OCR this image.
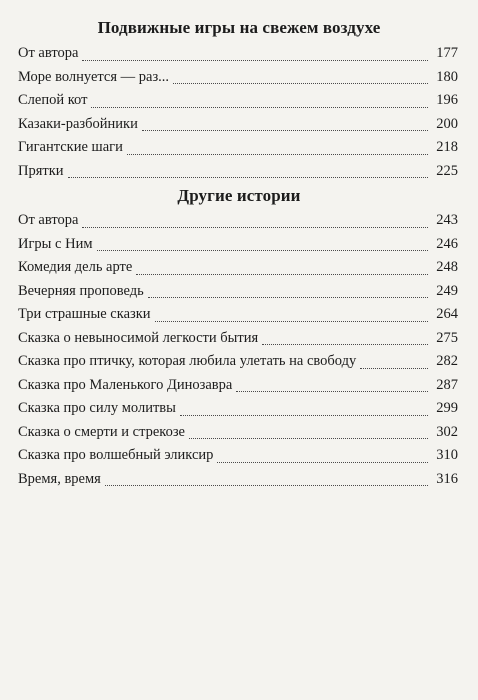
Подвижные игры на свежем воздухе
От автора	177
Море волнуется — раз...	180
Слепой кот	196
Казаки-разбойники	200
Гигантские шаги	218
Прятки	225
Другие истории
От автора	243
Игры с Ним	246
Комедия дель арте	248
Вечерняя проповедь	249
Три страшные сказки	264
Сказка о невыносимой легкости бытия	275
Сказка про птичку, которая любила улетать на свободу	282
Сказка про Маленького Динозавра	287
Сказка про силу молитвы	299
Сказка о смерти и стрекозе	302
Сказка про волшебный эликсир	310
Время, время	316
